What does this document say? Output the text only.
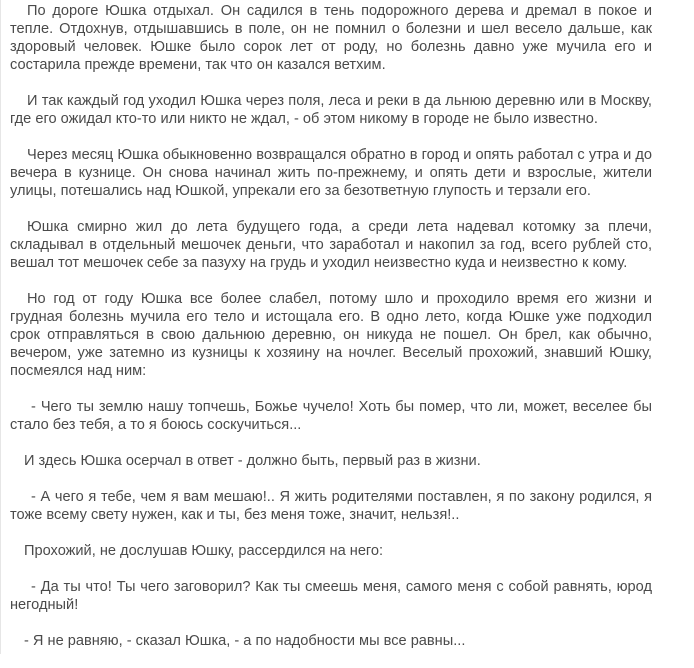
По дороге Юшка отдыхал. Он садился в тень подорожного дерева и дремал в покое и тепле. Отдохнув, отдышавшись в поле, он не помнил о болезни и шел весело дальше, как здоровый человек. Юшке было сорок лет от роду, но болезнь давно уже мучила его и состарила прежде времени, так что он казался ветхим.

И так каждый год уходил Юшка через поля, леса и реки в да льнюю деревню или в Москву, где его ожидал кто-то или никто не ждал, - об этом никому в городе не было известно.

Через месяц Юшка обыкновенно возвращался обратно в город и опять работал с утра и до вечера в кузнице. Он снова начинал жить по-прежнему, и опять дети и взрослые, жители улицы, потешались над Юшкой, упрекали его за безответную глупость и терзали его.

Юшка смирно жил до лета будущего года, а среди лета надевал котомку за плечи, складывал в отдельный мешочек деньги, что заработал и накопил за год, всего рублей сто, вешал тот мешочек себе за пазуху на грудь и уходил неизвестно куда и неизвестно к кому.

Но год от году Юшка все более слабел, потому шло и проходило время его жизни и грудная болезнь мучила его тело и истощала его. В одно лето, когда Юшке уже подходил срок отправляться в свою дальнюю деревню, он никуда не пошел. Он брел, как обычно, вечером, уже затемно из кузницы к хозяину на ночлег. Веселый прохожий, знавший Юшку, посмеялся над ним:

- Чего ты землю нашу топчешь, Божье чучело! Хоть бы помер, что ли, может, веселее бы стало без тебя, а то я боюсь соскучиться...

И здесь Юшка осерчал в ответ - должно быть, первый раз в жизни.

- А чего я тебе, чем я вам мешаю!.. Я жить родителями поставлен, я по закону родился, я тоже всему свету нужен, как и ты, без меня тоже, значит, нельзя!..

Прохожий, не дослушав Юшку, рассердился на него:

- Да ты что! Ты чего заговорил? Как ты смеешь меня, самого меня с собой равнять, юрод негодный!

- Я не равняю, - сказал Юшка, - а по надобности мы все равны...
